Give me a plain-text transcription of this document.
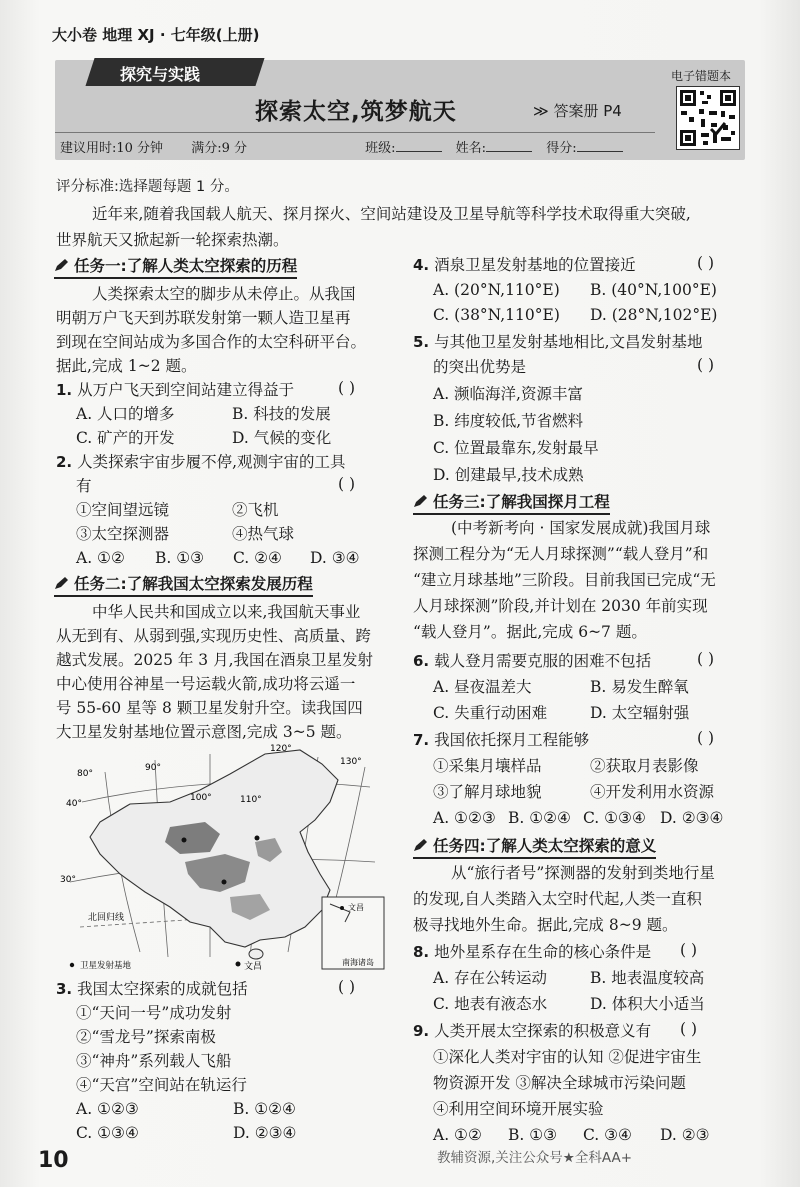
大小卷 地理 XJ · 七年级(上册)
探究与实践
探索太空,筑梦航天	≫ 答案册 P4
建议用时:10 分钟 满分:9 分	班级:	姓名:	得分:
电子错题本
评分标准:选择题每题 1 分。
近年来,随着我国载人航天、探月探火、空间站建设及卫星导航等科学技术取得重大突破,
世界航天又掀起新一轮探索热潮。
任务一:了解人类太空探索的历程
人类探索太空的脚步从未停止。从我国
明朝万户飞天到苏联发射第一颗人造卫星再
到现在空间站成为多国合作的太空科研平台。
据此,完成 1~2 题。
1. 从万户飞天到空间站建立得益于	( )
A. 人口的增多	B. 科技的发展
C. 矿产的开发	D. 气候的变化
2. 人类探索宇宙步履不停,观测宇宙的工具
有	( )
①空间望远镜	②飞机
③太空探测器	④热气球
A. ①② B. ①③ C. ②④ D. ③④
任务二:了解我国太空探索发展历程
中华人民共和国成立以来,我国航天事业
从无到有、从弱到强,实现历史性、高质量、跨
越式发展。2025 年 3 月,我国在酒泉卫星发射
中心使用谷神星一号运载火箭,成功将云遥一
号 55-60 星等 8 颗卫星发射升空。读我国四
大卫星发射基地位置示意图,完成 3~5 题。
文昌
南海诸岛
80°
90°
100°	110°
120°
130°
40°
30°
北回归线
卫星发射基地	文昌
3. 我国太空探索的成就包括	( )
①“天问一号”成功发射
②“雪龙号”探索南极
③“神舟”系列载人飞船
④“天宫”空间站在轨运行
A. ①②③	B. ①②④
C. ①③④	D. ②③④
4. 酒泉卫星发射基地的位置接近	( )
A. (20°N,110°E) B. (40°N,100°E)
C. (38°N,110°E) D. (28°N,102°E)
5. 与其他卫星发射基地相比,文昌发射基地
的突出优势是	( )
A. 濒临海洋,资源丰富
B. 纬度较低,节省燃料
C. 位置最靠东,发射最早
D. 创建最早,技术成熟
任务三:了解我国探月工程
(中考新考向 · 国家发展成就)我国月球
探测工程分为“无人月球探测”“载人登月”和
“建立月球基地”三阶段。目前我国已完成“无
人月球探测”阶段,并计划在 2030 年前实现
“载人登月”。据此,完成 6~7 题。
6. 载人登月需要克服的困难不包括	( )
A. 昼夜温差大	B. 易发生醉氧
C. 失重行动困难	D. 太空辐射强
7. 我国依托探月工程能够	( )
①采集月壤样品	②获取月表影像
③了解月球地貌	④开发利用水资源
A. ①②③ B. ①②④ C. ①③④ D. ②③④
任务四:了解人类太空探索的意义
从“旅行者号”探测器的发射到类地行星
的发现,自人类踏入太空时代起,人类一直积
极寻找地外生命。据此,完成 8~9 题。
8. 地外星系存在生命的核心条件是 ( )
A. 存在公转运动	B. 地表温度较高
C. 地表有液态水	D. 体积大小适当
9. 人类开展太空探索的积极意义有 ( )
①深化人类对宇宙的认知 ②促进宇宙生
物资源开发 ③解决全球城市污染问题
④利用空间环境开展实验
A. ①② B. ①③ C. ③④ D. ②③
10	教辅资源,关注公众号★全科AA+
